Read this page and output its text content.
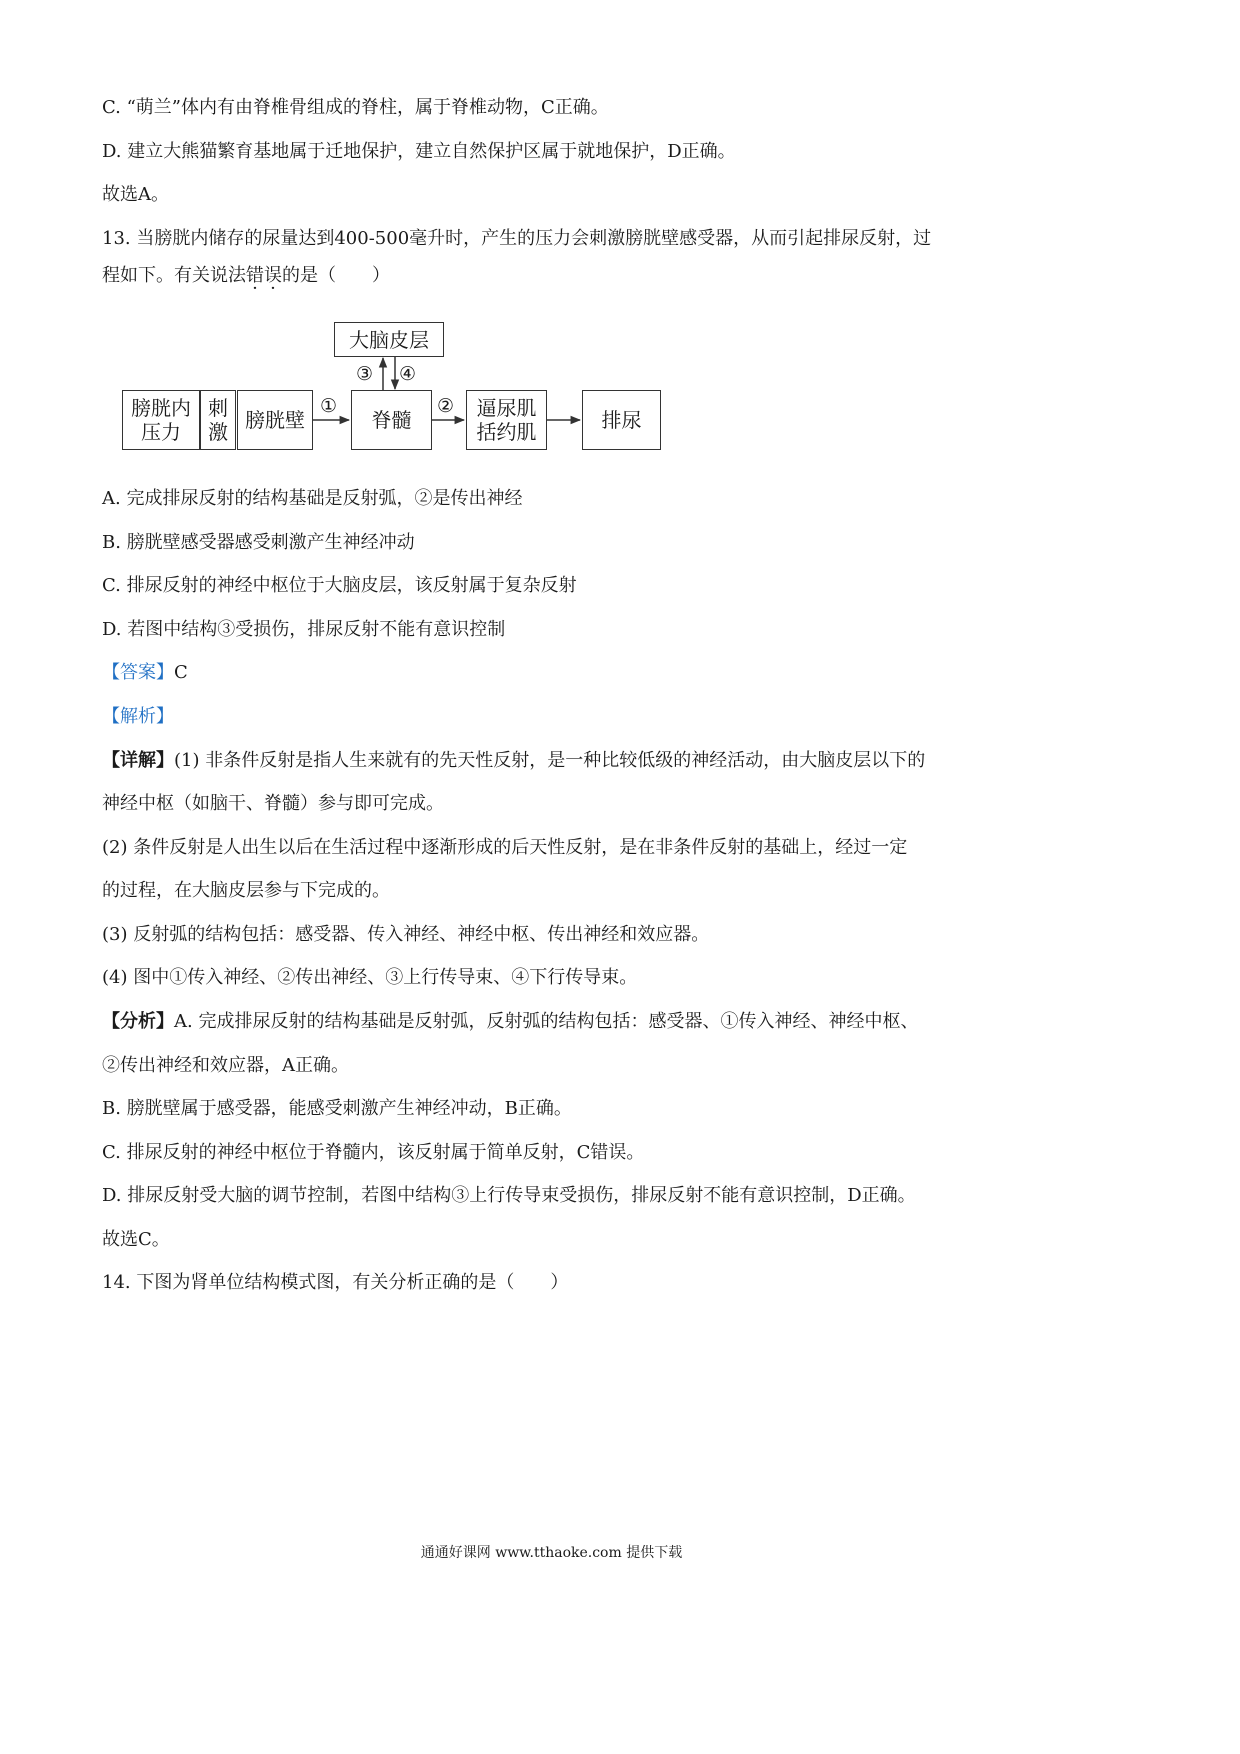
C. “萌兰”体内有由脊椎骨组成的脊柱，属于脊椎动物，C正确。
D. 建立大熊猫繁育基地属于迁地保护，建立自然保护区属于就地保护，D正确。
故选A。
13. 当膀胱内储存的尿量达到400-500毫升时，产生的压力会刺激膀胱壁感受器，从而引起排尿反射，过
程如下。有关说法错误的是（　　）
大脑皮层
膀胱内
压力
刺
激 膀胱壁	脊髓	逼尿肌
括约肌	排尿
①	②
③ ④
A. 完成排尿反射的结构基础是反射弧，②是传出神经
B. 膀胱壁感受器感受刺激产生神经冲动
C. 排尿反射的神经中枢位于大脑皮层，该反射属于复杂反射
D. 若图中结构③受损伤，排尿反射不能有意识控制
【答案】C
【解析】
【详解】(1) 非条件反射是指人生来就有的先天性反射，是一种比较低级的神经活动，由大脑皮层以下的
神经中枢（如脑干、脊髓）参与即可完成。
(2) 条件反射是人出生以后在生活过程中逐渐形成的后天性反射，是在非条件反射的基础上，经过一定
的过程，在大脑皮层参与下完成的。
(3) 反射弧的结构包括：感受器、传入神经、神经中枢、传出神经和效应器。
(4) 图中①传入神经、②传出神经、③上行传导束、④下行传导束。
【分析】A. 完成排尿反射的结构基础是反射弧，反射弧的结构包括：感受器、①传入神经、神经中枢、
②传出神经和效应器，A正确。
B. 膀胱壁属于感受器，能感受刺激产生神经冲动，B正确。
C. 排尿反射的神经中枢位于脊髓内，该反射属于简单反射，C错误。
D. 排尿反射受大脑的调节控制，若图中结构③上行传导束受损伤，排尿反射不能有意识控制，D正确。
故选C。
14. 下图为肾单位结构模式图，有关分析正确的是（　　）
通通好课网 www.tthaoke.com 提供下载
